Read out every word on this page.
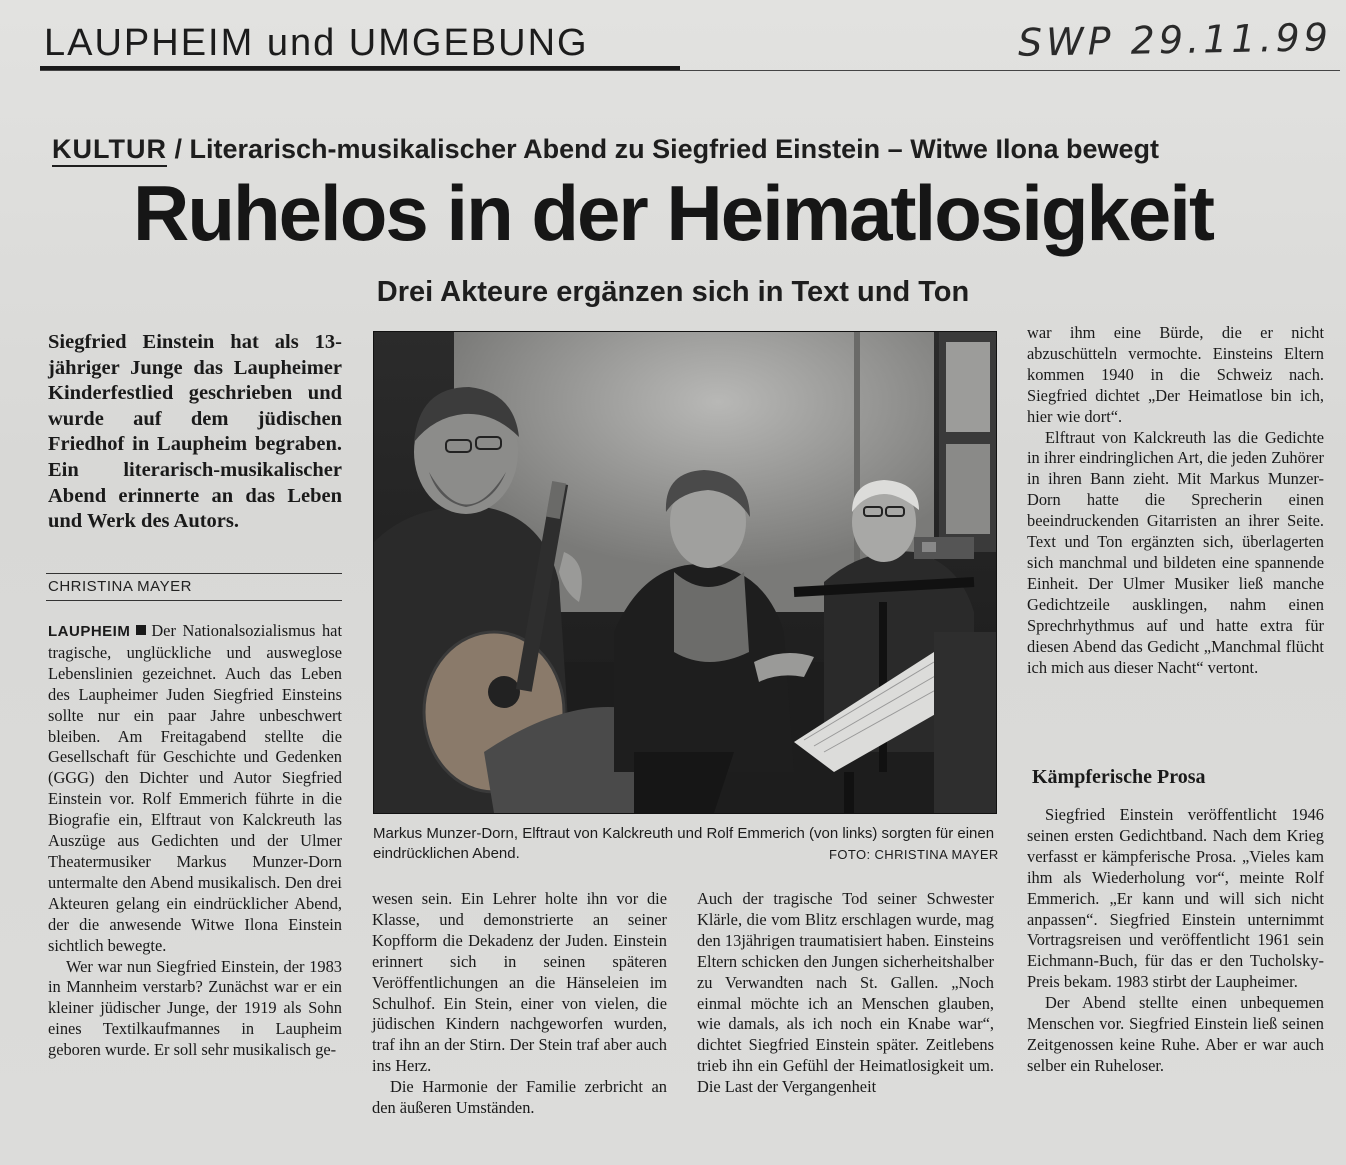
LAUPHEIM und UMGEBUNG	SWP 29.11.99
KULTUR / Literarisch-musikalischer Abend zu Siegfried Einstein – Witwe Ilona bewegt
Ruhelos in der Heimatlosigkeit
Drei Akteure ergänzen sich in Text und Ton
Siegfried Einstein hat als 13-jähriger Junge das Laupheimer Kinderfestlied geschrieben und wurde auf dem jüdischen Friedhof in Laupheim begraben. Ein literarisch-musikalischer Abend erinnerte an das Leben und Werk des Autors.
CHRISTINA MAYER

LAUPHEIM Der Nationalsozialismus hat tragische, unglückliche und ausweglose Lebenslinien gezeichnet. Auch das Leben des Laupheimer Juden Siegfried Einsteins sollte nur ein paar Jahre unbeschwert bleiben. Am Freitagabend stellte die Gesellschaft für Geschichte und Gedenken (GGG) den Dichter und Autor Siegfried Einstein vor. Rolf Emmerich führte in die Biografie ein, Elftraut von Kalckreuth las Auszüge aus Gedichten und der Ulmer Theatermusiker Markus Munzer-Dorn untermalte den Abend musikalisch. Den drei Akteuren gelang ein eindrücklicher Abend, der die anwesende Witwe Ilona Einstein sichtlich bewegte.

Wer war nun Siegfried Einstein, der 1983 in Mannheim verstarb? Zunächst war er ein kleiner jüdischer Junge, der 1919 als Sohn eines Textilkaufmannes in Laupheim geboren wurde. Er soll sehr musikalisch ge-

wesen sein. Ein Lehrer holte ihn vor die Klasse, und demonstrierte an seiner Kopfform die Dekadenz der Juden. Einstein erinnert sich in seinen späteren Veröffentlichungen an die Hänseleien im Schulhof. Ein Stein, einer von vielen, die jüdischen Kindern nachgeworfen wurden, traf ihn an der Stirn. Der Stein traf aber auch ins Herz.

Die Harmonie der Familie zerbricht an den äußeren Umständen.

Auch der tragische Tod seiner Schwester Klärle, die vom Blitz erschlagen wurde, mag den 13jährigen traumatisiert haben. Einsteins Eltern schicken den Jungen sicherheitshalber zu Verwandten nach St. Gallen. „Noch einmal möchte ich an Menschen glauben, wie damals, als ich noch ein Knabe war“, dichtet Siegfried Einstein später. Zeitlebens trieb ihn ein Gefühl der Heimatlosigkeit um. Die Last der Vergangenheit

war ihm eine Bürde, die er nicht abzuschütteln vermochte. Einsteins Eltern kommen 1940 in die Schweiz nach. Siegfried dichtet „Der Heimatlose bin ich, hier wie dort“.

Elftraut von Kalckreuth las die Gedichte in ihrer eindringlichen Art, die jeden Zuhörer in ihren Bann zieht. Mit Markus Munzer-Dorn hatte die Sprecherin einen beeindruckenden Gitarristen an ihrer Seite. Text und Ton ergänzten sich, überlagerten sich manchmal und bildeten eine spannende Einheit. Der Ulmer Musiker ließ manche Gedichtzeile ausklingen, nahm einen Sprechrhythmus auf und hatte extra für diesen Abend das Gedicht „Manchmal flücht ich mich aus dieser Nacht“ vertont.

Kämpferische Prosa

Siegfried Einstein veröffentlicht 1946 seinen ersten Gedichtband. Nach dem Krieg verfasst er kämpferische Prosa. „Vieles kam ihm als Wiederholung vor“, meinte Rolf Emmerich. „Er kann und will sich nicht anpassen“. Siegfried Einstein unternimmt Vortragsreisen und veröffentlicht 1961 sein Eichmann-Buch, für das er den Tucholsky-Preis bekam. 1983 stirbt der Laupheimer.

Der Abend stellte einen unbequemen Menschen vor. Siegfried Einstein ließ seinen Zeitgenossen keine Ruhe. Aber er war auch selber ein Ruheloser.

Markus Munzer-Dorn, Elftraut von Kalckreuth und Rolf Emmerich (von links) sorgten für einen eindrücklichen Abend.	FOTO: CHRISTINA MAYER
